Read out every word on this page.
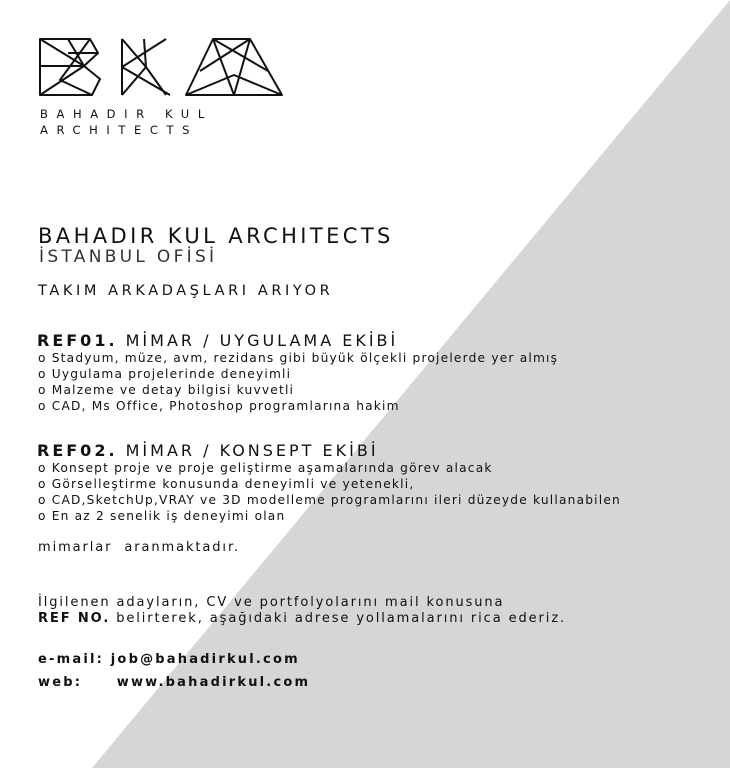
BAHADIR KUL
ARCHITECTS
BAHADIR KUL ARCHITECTS
İSTANBUL OFİSİ
TAKIM ARKADAŞLARI ARIYOR
REF01. MİMAR / UYGULAMA EKİBİ
o Stadyum, müze, avm, rezidans gibi büyük ölçekli projelerde yer almış
o Uygulama projelerinde deneyimli
o Malzeme ve detay bilgisi kuvvetli
o CAD, Ms Office, Photoshop programlarına hakim
REF02. MİMAR / KONSEPT EKİBİ
o Konsept proje ve proje geliştirme aşamalarında görev alacak
o Görselleştirme konusunda deneyimli ve yetenekli,
o CAD,SketchUp,VRAY ve 3D modelleme programlarını ileri düzeyde kullanabilen
o En az 2 senelik iş deneyimi olan
mimarlar  aranmaktadır.
İlgilenen adayların, CV ve portfolyolarını mail konusuna
REF NO. belirterek, aşağıdaki adrese yollamalarını rica ederiz.
e-mail: job@bahadirkul.com
web:	www.bahadirkul.com
